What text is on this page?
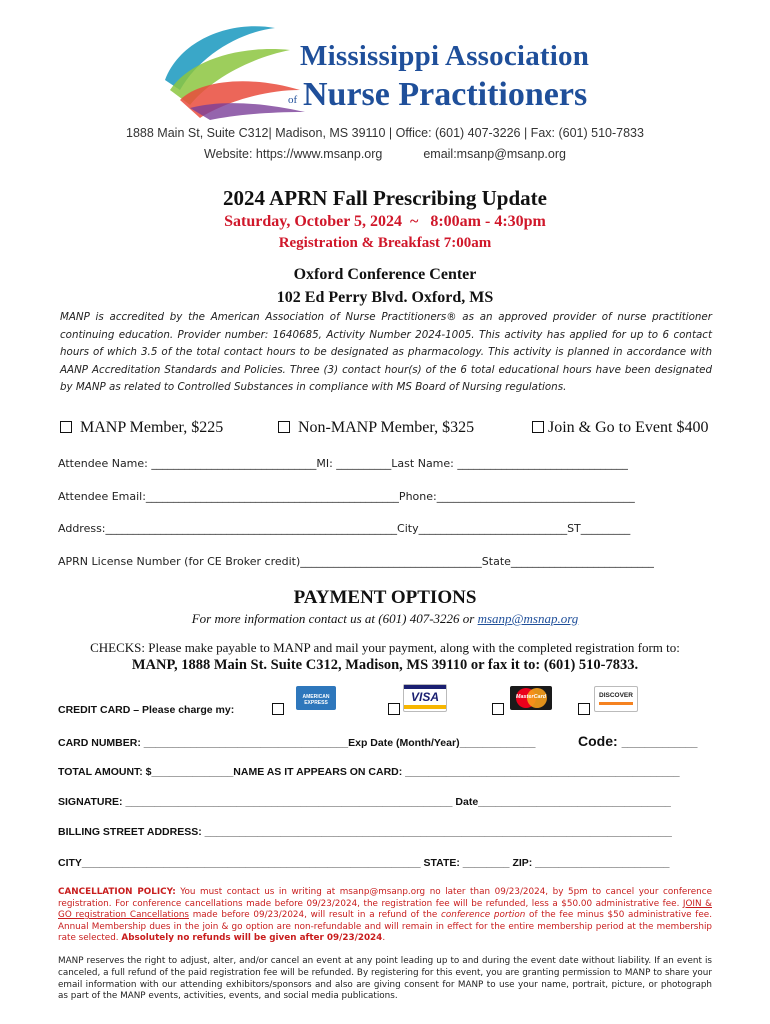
Mississippi Association
of Nurse Practitioners
1888 Main St, Suite C312| Madison, MS 39110 | Office: (601) 407-3226 | Fax: (601) 510-7833
Website: https://www.msanp.org	email:msanp@msanp.org
2024 APRN Fall Prescribing Update
Saturday, October 5, 2024  ~   8:00am - 4:30pm
Registration & Breakfast 7:00am
Oxford Conference Center
102 Ed Perry Blvd. Oxford, MS
MANP is accredited by the American Association of Nurse Practitioners® as an approved provider of nurse practitioner continuing education. Provider number: 1640685, Activity Number 2024-1005. This activity has applied for up to 6 contact hours of which 3.5 of the total contact hours to be designated as pharmacology. This activity is planned in accordance with AANP Accreditation Standards and Policies. Three (3) contact hour(s) of the 6 total educational hours have been designated by MANP as related to Controlled Substances in compliance with MS Board of Nursing regulations.
MANP Member, $225	Non-MANP Member, $325	Join & Go to Event $400
Attendee Name: ______________________________MI: __________Last Name: _______________________________
Attendee Email:______________________________________________Phone:____________________________________
Address:_____________________________________________________City___________________________ST_________
APRN License Number (for CE Broker credit)_________________________________State__________________________
PAYMENT OPTIONS
For more information contact us at (601) 407-3226 or msanp@msnap.org
CHECKS: Please make payable to MANP and mail your payment, along with the completed registration form to:
MANP, 1888 Main St. Suite C312, Madison, MS 39110 or fax it to: (601) 510-7833.
CREDIT CARD – Please charge my:
AMERICAN EXPRESS	VISA	MasterCard	DISCOVER
CARD NUMBER: ___________________________________Exp Date (Month/Year)_____________	Code: _____________
TOTAL AMOUNT: $______________NAME AS IT APPEARS ON CARD: _______________________________________________
SIGNATURE: ________________________________________________________ Date_________________________________
BILLING STREET ADDRESS: ________________________________________________________________________________
CITY__________________________________________________________ STATE: ________ ZIP: _______________________
CANCELLATION POLICY: You must contact us in writing at msanp@msanp.org no later than 09/23/2024, by 5pm to cancel your conference registration. For conference cancellations made before 09/23/2024, the registration fee will be refunded, less a $50.00 administrative fee. JOIN & GO registration Cancellations made before 09/23/2024, will result in a refund of the conference portion of the fee minus $50 administrative fee. Annual Membership dues in the join & go option are non-refundable and will remain in effect for the entire membership period at the membership rate selected. Absolutely no refunds will be given after 09/23/2024.
MANP reserves the right to adjust, alter, and/or cancel an event at any point leading up to and during the event date without liability. If an event is canceled, a full refund of the paid registration fee will be refunded. By registering for this event, you are granting permission to MANP to share your email information with our attending exhibitors/sponsors and also are giving consent for MANP to use your name, portrait, picture, or photograph as part of the MANP events, activities, events, and social media publications.
